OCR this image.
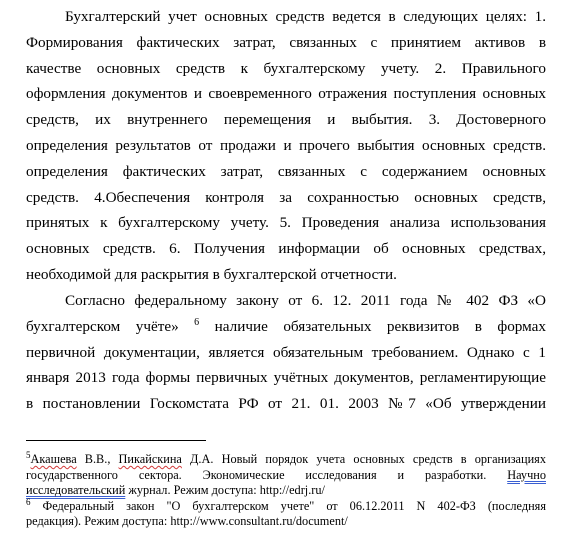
Бухгалтерский учет основных средств ведется в следующих целях: 1.
Формирования фактических затрат, связанных с принятием активов в
качестве основных средств к бухгалтерскому учету. 2. Правильного
оформления документов и своевременного отражения поступления основных
средств, их внутреннего перемещения и выбытия. 3. Достоверного
определения результатов от продажи и прочего выбытия основных средств.
определения фактических затрат, связанных с содержанием основных
средств. 4.Обеспечения контроля за сохранностью основных средств,
принятых к бухгалтерскому учету. 5. Проведения анализа использования
основных средств. 6. Получения информации об основных средствах,
необходимой для раскрытия в бухгалтерской отчетности.
Согласно федеральному закону от 6. 12. 2011 года № 402 ФЗ «О
бухгалтерском учёте» $^6$ наличие обязательных реквизитов в формах
первичной документации, является обязательным требованием. Однако с 1
января 2013 года формы первичных учётных документов, регламентирующие
в постановлении Госкомстата РФ от 21. 01. 2003 №7 «Об утверждении
$^5$Акашева В.В., Пикайскина Д.А. Новый порядок учета основных средств в организациях
государственного сектора. Экономические исследования и разработки. Научно
исследовательский журнал. Режим доступа: http://edrj.ru/
$^6$ Федеральный закон "О бухгалтерском учете" от 06.12.2011 N 402-ФЗ (последняя
редакция). Режим доступа: http://www.consultant.ru/document/
